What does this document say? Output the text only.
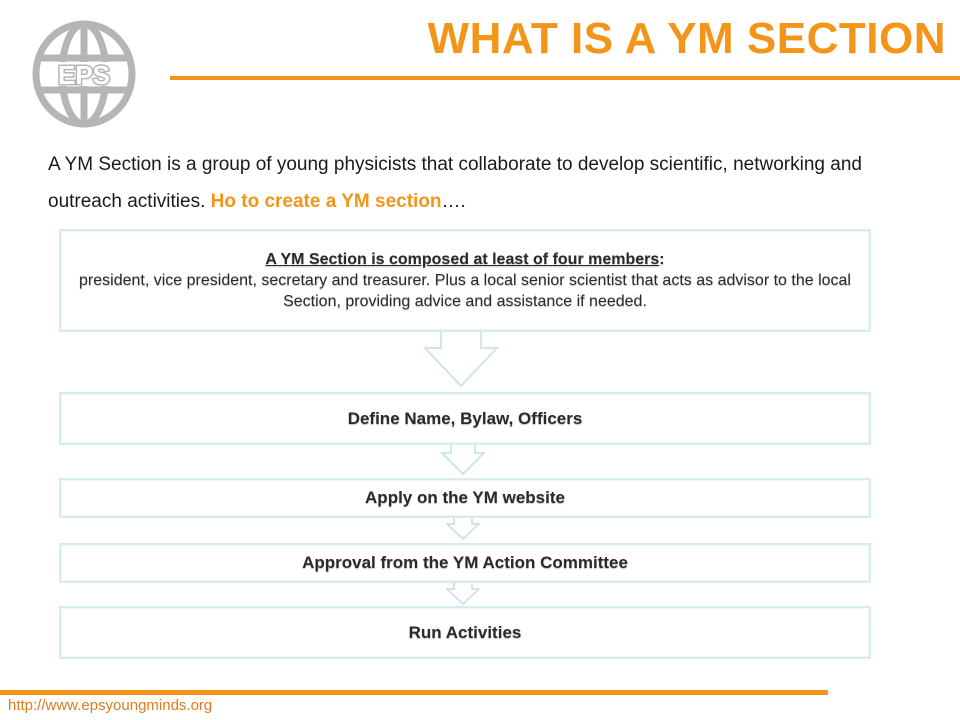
EPS
WHAT IS A YM SECTION

A YM Section is a group of young physicists that collaborate to develop scientific, networking and outreach activities. Ho to create a YM section….

A YM Section is composed at least of four members:
president, vice president, secretary and treasurer. Plus a local senior scientist that acts as advisor to the local Section, providing advice and assistance if needed.
Define Name, Bylaw, Officers
Apply on the YM website
Approval from the YM Action Committee
Run Activities
http://www.epsyoungminds.org
